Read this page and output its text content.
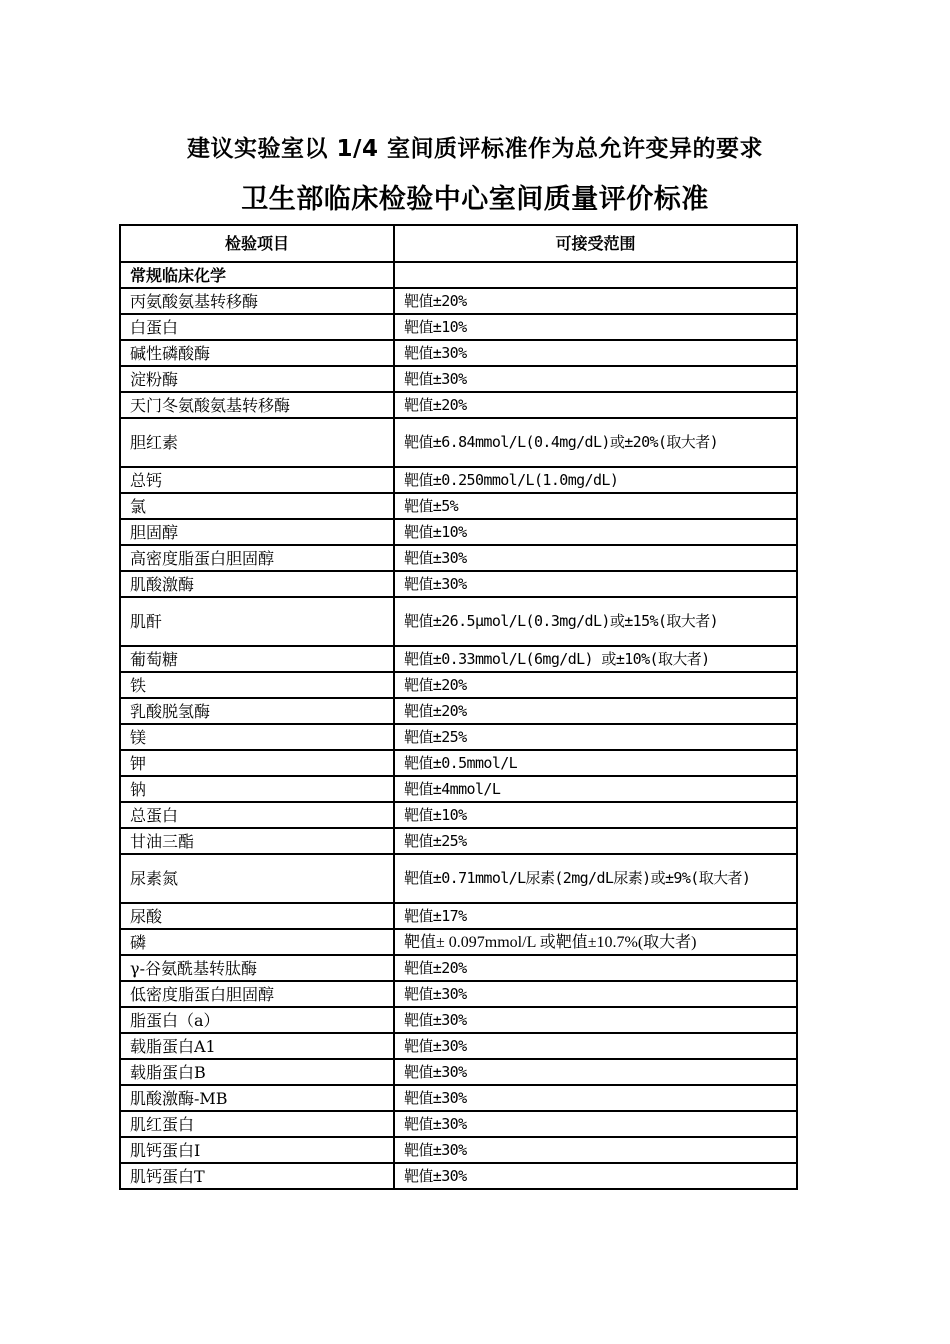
建议实验室以 1/4 室间质评标准作为总允许变异的要求
卫生部临床检验中心室间质量评价标准
检验项目	可接受范围
常规临床化学	
丙氨酸氨基转移酶	靶值±20%
白蛋白	靶值±10%
碱性磷酸酶	靶值±30%
淀粉酶	靶值±30%
天门冬氨酸氨基转移酶	靶值±20%
胆红素	靶值±6.84mmol/L(0.4mg/dL)或±20%(取大者)
总钙	靶值±0.250mmol/L(1.0mg/dL)
氯	靶值±5%
胆固醇	靶值±10%
高密度脂蛋白胆固醇	靶值±30%
肌酸激酶	靶值±30%
肌酐	靶值±26.5μmol/L(0.3mg/dL)或±15%(取大者)
葡萄糖	靶值±0.33mmol/L(6mg/dL) 或±10%(取大者)
铁	靶值±20%
乳酸脱氢酶	靶值±20%
镁	靶值±25%
钾	靶值±0.5mmol/L
钠	靶值±4mmol/L
总蛋白	靶值±10%
甘油三酯	靶值±25%
尿素氮	靶值±0.71mmol/L尿素(2mg/dL尿素)或±9%(取大者)
尿酸	靶值±17%
磷	靶值± 0.097mmol/L 或靶值±10.7%(取大者)
γ-谷氨酰基转肽酶	靶值±20%
低密度脂蛋白胆固醇	靶值±30%
脂蛋白（a）	靶值±30%
载脂蛋白A1	靶值±30%
载脂蛋白B	靶值±30%
肌酸激酶-MB	靶值±30%
肌红蛋白	靶值±30%
肌钙蛋白I	靶值±30%
肌钙蛋白T	靶值±30%
